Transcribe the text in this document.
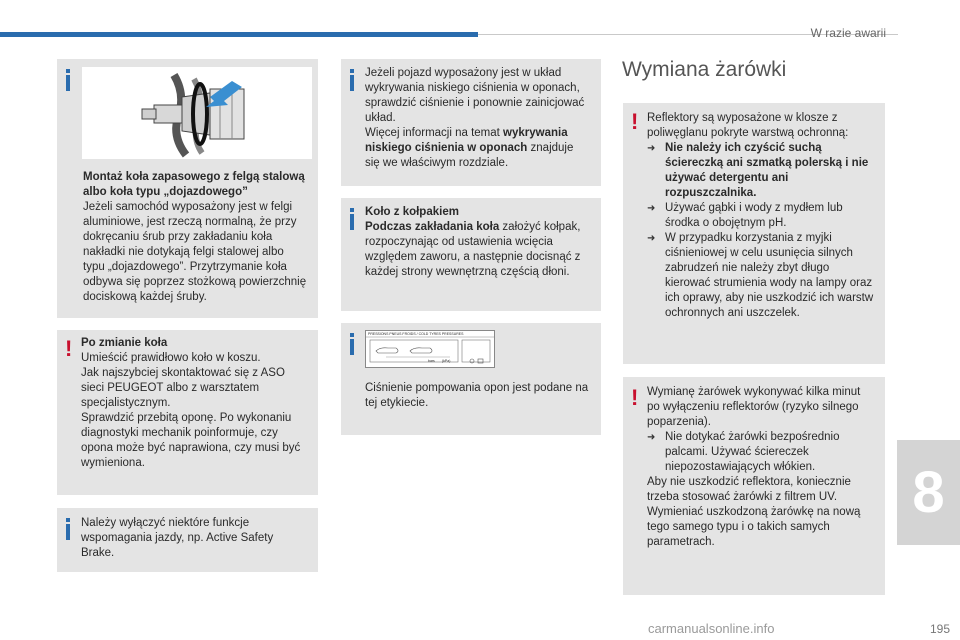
W razie awarii
8
195
carmanualsonline.info

Montaż koła zapasowego z felgą stalową albo koła typu „dojazdowego”

Jeżeli samochód wyposażony jest w felgi aluminiowe, jest rzeczą normalną, że przy dokręcaniu śrub przy zakładaniu koła nakładki nie dotykają felgi stalowej albo typu „dojazdowego”. Przytrzymanie koła odbywa się poprzez stożkową powierzchnię dociskową każdej śruby.

! Po zmianie koła

Umieścić prawidłowo koło w koszu.

Jak najszybciej skontaktować się z ASO sieci PEUGEOT albo z warsztatem specjalistycznym.

Sprawdzić przebitą oponę. Po wykonaniu diagnostyki mechanik poinformuje, czy opona może być naprawiona, czy musi być wymieniona.

Należy wyłączyć niektóre funkcje wspomagania jazdy, np. Active Safety Brake.

Jeżeli pojazd wyposażony jest w układ wykrywania niskiego ciśnienia w oponach, sprawdzić ciśnienie i ponownie zainicjować układ.

Więcej informacji na temat wykrywania niskiego ciśnienia w oponach znajduje się we właściwym rozdziale.

Koło z kołpakiem

Podczas zakładania koła założyć kołpak, rozpoczynając od ustawienia wcięcia względem zaworu, a następnie docisnąć z każdej strony wewnętrzną częścią dłoni.

PRESSIONS PNEUS FROIDS / COLD TYRES PRESSURES
bars (kPa)

Ciśnienie pompowania opon jest podane na tej etykiecie.

Wymiana żarówki
! Reflektory są wyposażone w klosze z poliwęglanu pokryte warstwą ochronną:

➜ Nie należy ich czyścić suchą ściereczką ani szmatką polerską i nie używać detergentu ani rozpuszczalnika.
➜ Używać gąbki i wody z mydłem lub środka o obojętnym pH.
➜ W przypadku korzystania z myjki ciśnieniowej w celu usunięcia silnych zabrudzeń nie należy zbyt długo kierować strumienia wody na lampy oraz ich oprawy, aby nie uszkodzić ich warstw ochronnych ani uszczelek.
! Wymianę żarówek wykonywać kilka minut po wyłączeniu reflektorów (ryzyko silnego poparzenia).

➜ Nie dotykać żarówki bezpośrednio palcami. Używać ściereczek niepozostawiających włókien.

Aby nie uszkodzić reflektora, koniecznie trzeba stosować żarówki z filtrem UV. Wymieniać uszkodzoną żarówkę na nową tego samego typu i o takich samych parametrach.
